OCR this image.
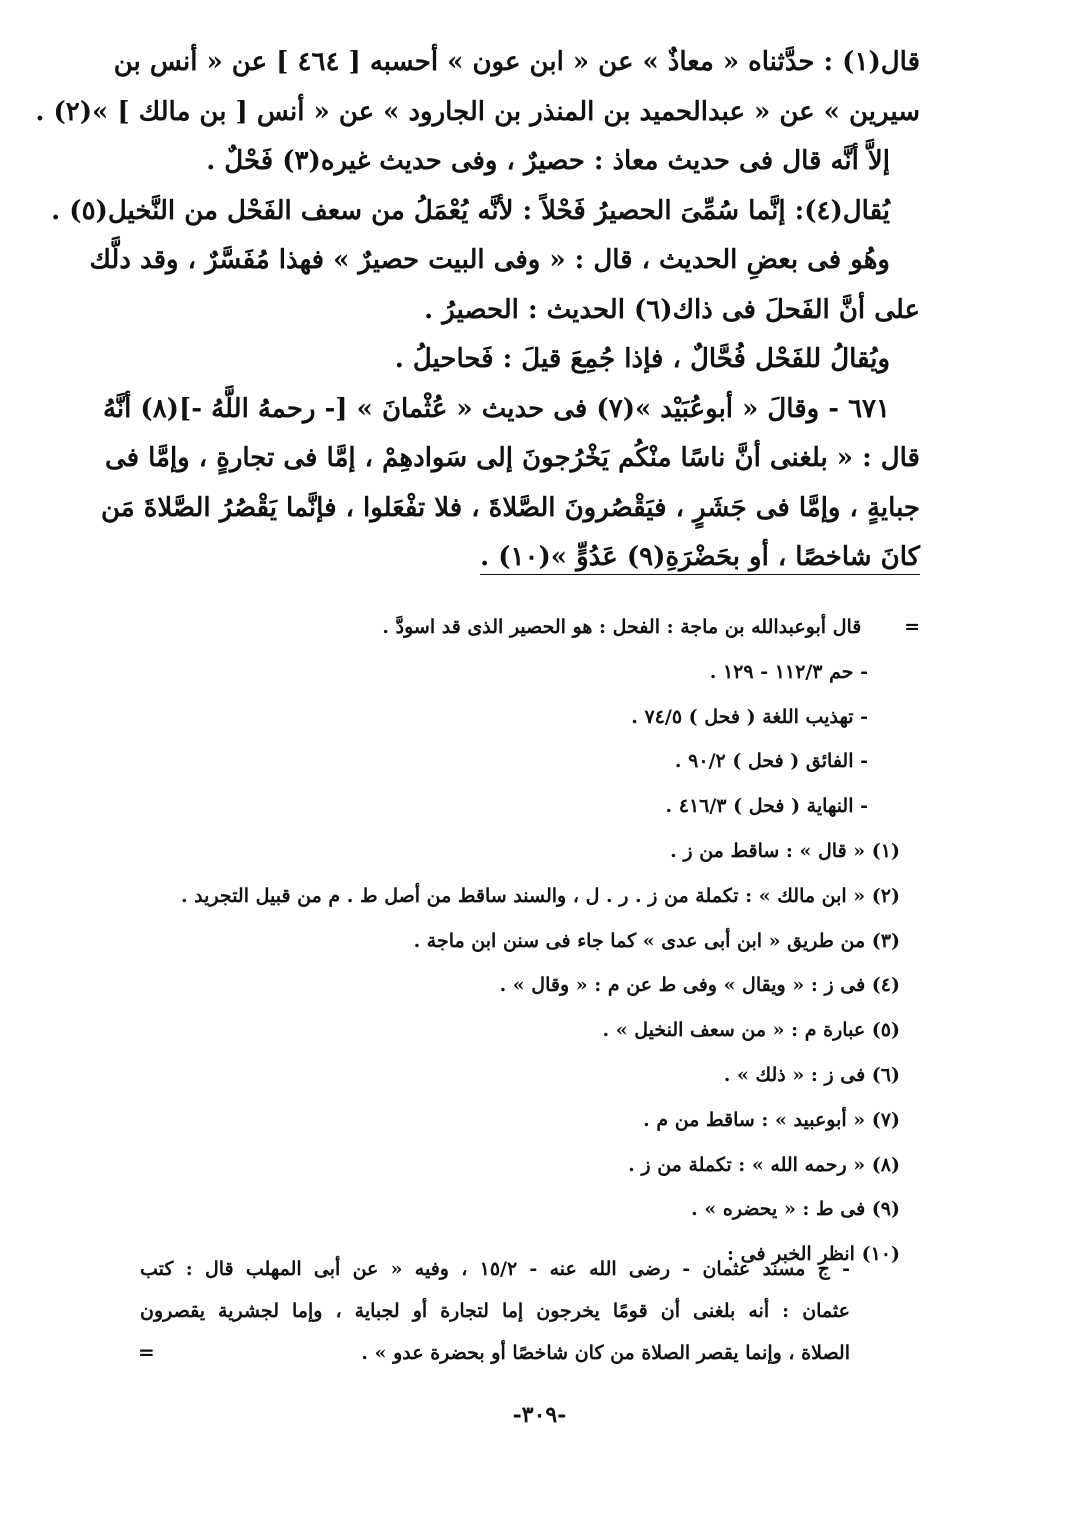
قال(١) : حدَّثناه « معاذٌ » عن « ابن عون » أحسبه [ ٤٦٤ ] عن « أنس بن

سيرين » عن « عبدالحميد بن المنذر بن الجارود » عن « أنس [ بن مالك ] »(٢) .

إلاَّ أنَّه قال فى حديث معاذ : حصيرٌ ، وفى حديث غيره(٣) فَحْلٌ .

يُقال(٤): إنَّما سُمِّىَ الحصيرُ فَحْلاً : لأنَّه يُعْمَلُ من سعف الفَحْل من النَّخيل(٥) .

وهُو فى بعضِ الحديث ، قال : « وفى البيت حصيرٌ » فهذا مُفَسَّرٌ ، وقد دلَّك

على أنَّ الفَحلَ فى ذاك(٦) الحديث : الحصيرُ .

ويُقالُ للفَحْل فُحَّالٌ ، فإذا جُمِعَ قيلَ : فَحاحيلُ .

٦٧١ - وقالَ « أبوعُبَيْد »(٧) فى حديث « عُثْمانَ » [- رحمهُ اللَّهُ -](٨) أنَّهُ

قال : « بلغنى أنَّ ناسًا منْكُم يَخْرُجونَ إلى سَوادهِمْ ، إمَّا فى تجارةٍ ، وإمَّا فى

جبايةٍ ، وإمَّا فى جَشَرٍ ، فيَقْصُرونَ الصَّلاةَ ، فلا تفْعَلوا ، فإنَّما يَقْصُرُ الصَّلاةَ مَن

كانَ شاخصًا ، أو بحَضْرَةِ(٩) عَدُوٍّ »(١٠) .

= قال أبوعبدالله بن ماجة : الفحل : هو الحصير الذى قد اسودَّ .
- حم ١١٢/٣ - ١٢٩ .
- تهذيب اللغة ( فحل ) ٧٤/٥ .
- الفائق ( فحل ) ٩٠/٢ .
- النهاية ( فحل ) ٤١٦/٣ .
(١) « قال » : ساقط من ز .
(٢) « ابن مالك » : تكملة من ز . ر . ل ، والسند ساقط من أصل ط . م من قبيل التجريد .
(٣) من طريق « ابن أبى عدى » كما جاء فى سنن ابن ماجة .
(٤) فى ز : « ويقال » وفى ط عن م : « وقال » .
(٥) عبارة م : « من سعف النخيل » .
(٦) فى ز : « ذلك » .
(٧) « أبوعبيد » : ساقط من م .
(٨) « رحمه الله » : تكملة من ز .
(٩) فى ط : « يحضره » .
(١٠) انظر الخبر فى :
- ج مسند عثمان - رضى الله عنه - ١٥/٢ ، وفيه « عن أبى المهلب قال : كتب
عثمان : أنه بلغنى أن قومًا يخرجون إما لتجارة أو لجباية ، وإما لجشرية يقصرون
الصلاة ، وإنما يقصر الصلاة من كان شاخصًا أو بحضرة عدو » .
=
-٣٠٩-
